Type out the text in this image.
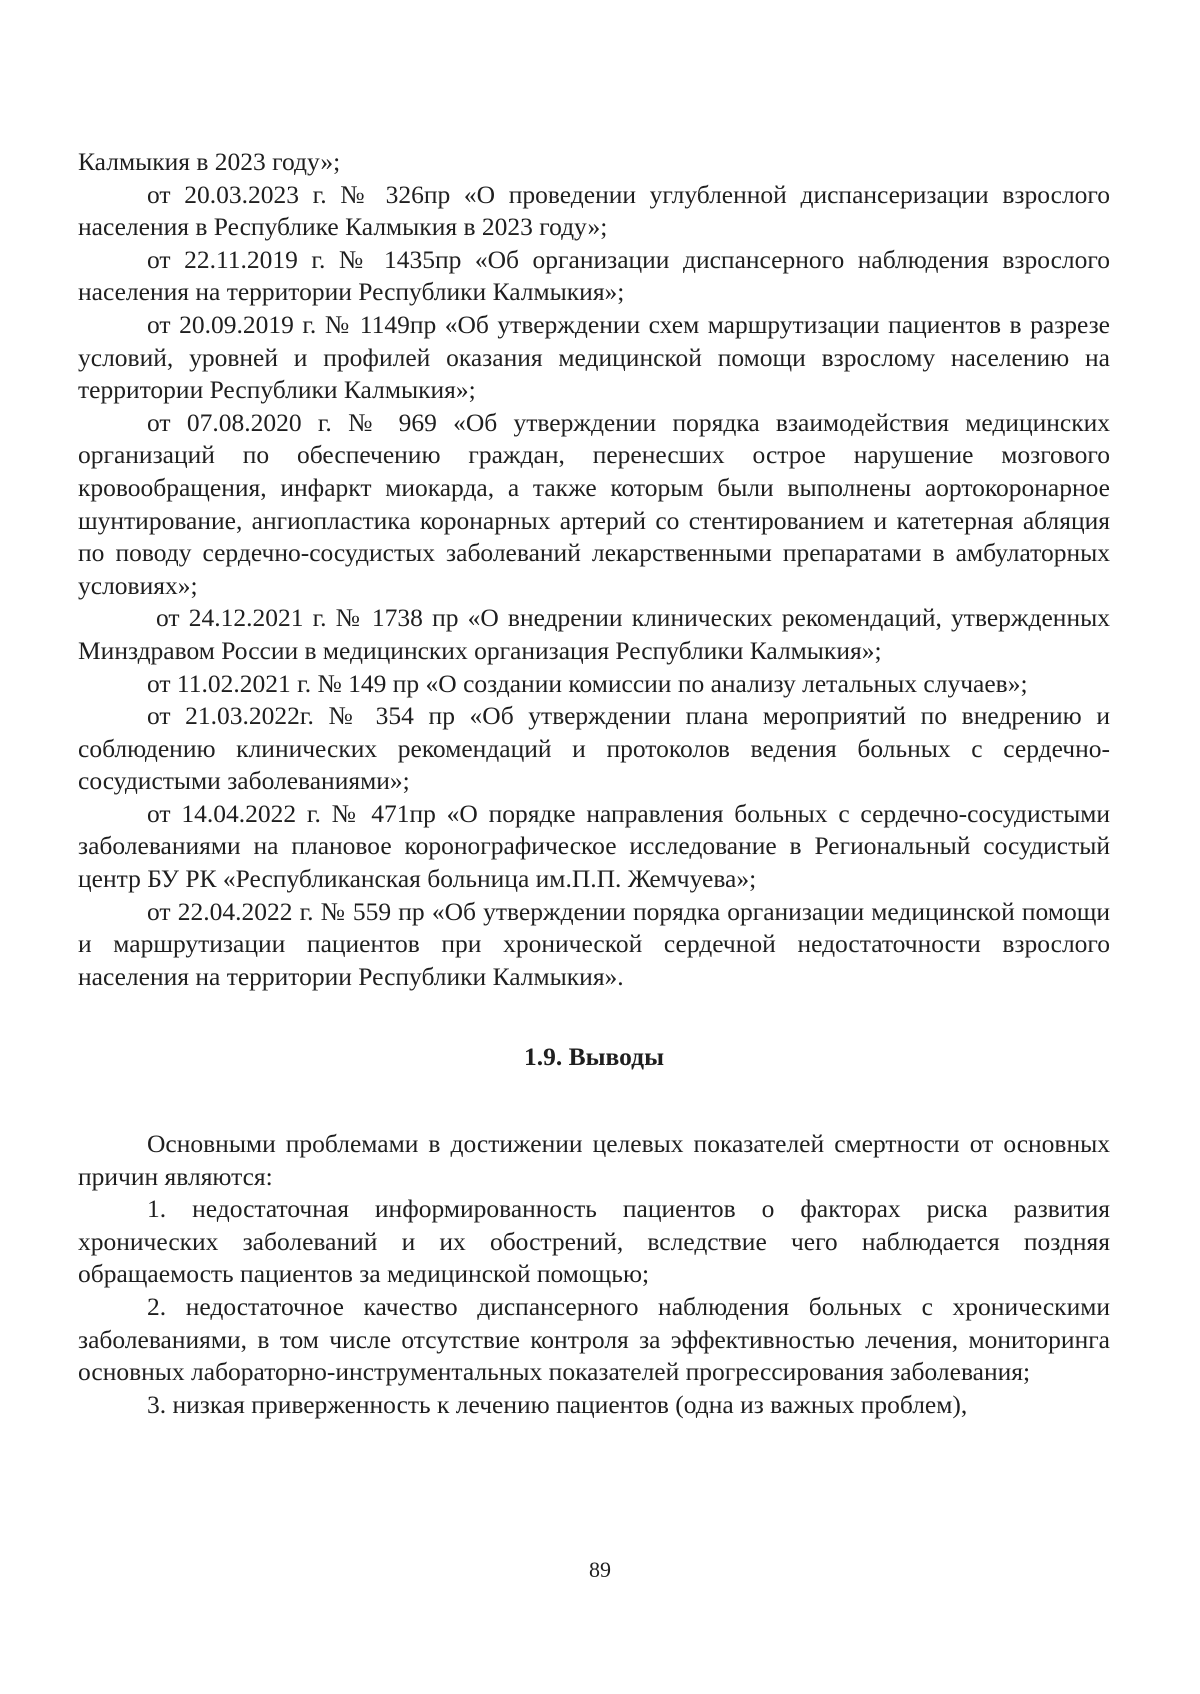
Калмыкия в 2023 году»;

от 20.03.2023 г. № 326пр «О проведении углубленной диспансеризации взрослого населения в Республике Калмыкия в 2023 году»;

от 22.11.2019 г. № 1435пр «Об организации диспансерного наблюдения взрослого населения на территории Республики Калмыкия»;

от 20.09.2019 г. № 1149пр «Об утверждении схем маршрутизации пациентов в разрезе условий, уровней и профилей оказания медицинской помощи взрослому населению на территории Республики Калмыкия»;

от 07.08.2020 г. № 969 «Об утверждении порядка взаимодействия медицинских организаций по обеспечению граждан, перенесших острое нарушение мозгового кровообращения, инфаркт миокарда, а также которым были выполнены аортокоронарное шунтирование, ангиопластика коронарных артерий со стентированием и катетерная абляция по поводу сердечно-сосудистых заболеваний лекарственными препаратами в амбулаторных условиях»;

от 24.12.2021 г. № 1738 пр «О внедрении клинических рекомендаций, утвержденных Минздравом России в медицинских организация Республики Калмыкия»;

от 11.02.2021 г. № 149 пр «О создании комиссии по анализу летальных случаев»;

от 21.03.2022г. № 354 пр «Об утверждении плана мероприятий по внедрению и соблюдению клинических рекомендаций и протоколов ведения больных с сердечно-сосудистыми заболеваниями»;

от 14.04.2022 г. № 471пр «О порядке направления больных с сердечно-сосудистыми заболеваниями на плановое коронографическое исследование в Региональный сосудистый центр БУ РК «Республиканская больница им.П.П. Жемчуева»;

от 22.04.2022 г. № 559 пр «Об утверждении порядка организации медицинской помощи и маршрутизации пациентов при хронической сердечной недостаточности взрослого населения на территории Республики Калмыкия».

1.9. Выводы

Основными проблемами в достижении целевых показателей смертности от основных причин являются:

1. недостаточная информированность пациентов о факторах риска развития хронических заболеваний и их обострений, вследствие чего наблюдается поздняя обращаемость пациентов за медицинской помощью;

2. недостаточное качество диспансерного наблюдения больных с хроническими заболеваниями, в том числе отсутствие контроля за эффективностью лечения, мониторинга основных лабораторно-инструментальных показателей прогрессирования заболевания;

3. низкая приверженность к лечению пациентов (одна из важных проблем),

89
